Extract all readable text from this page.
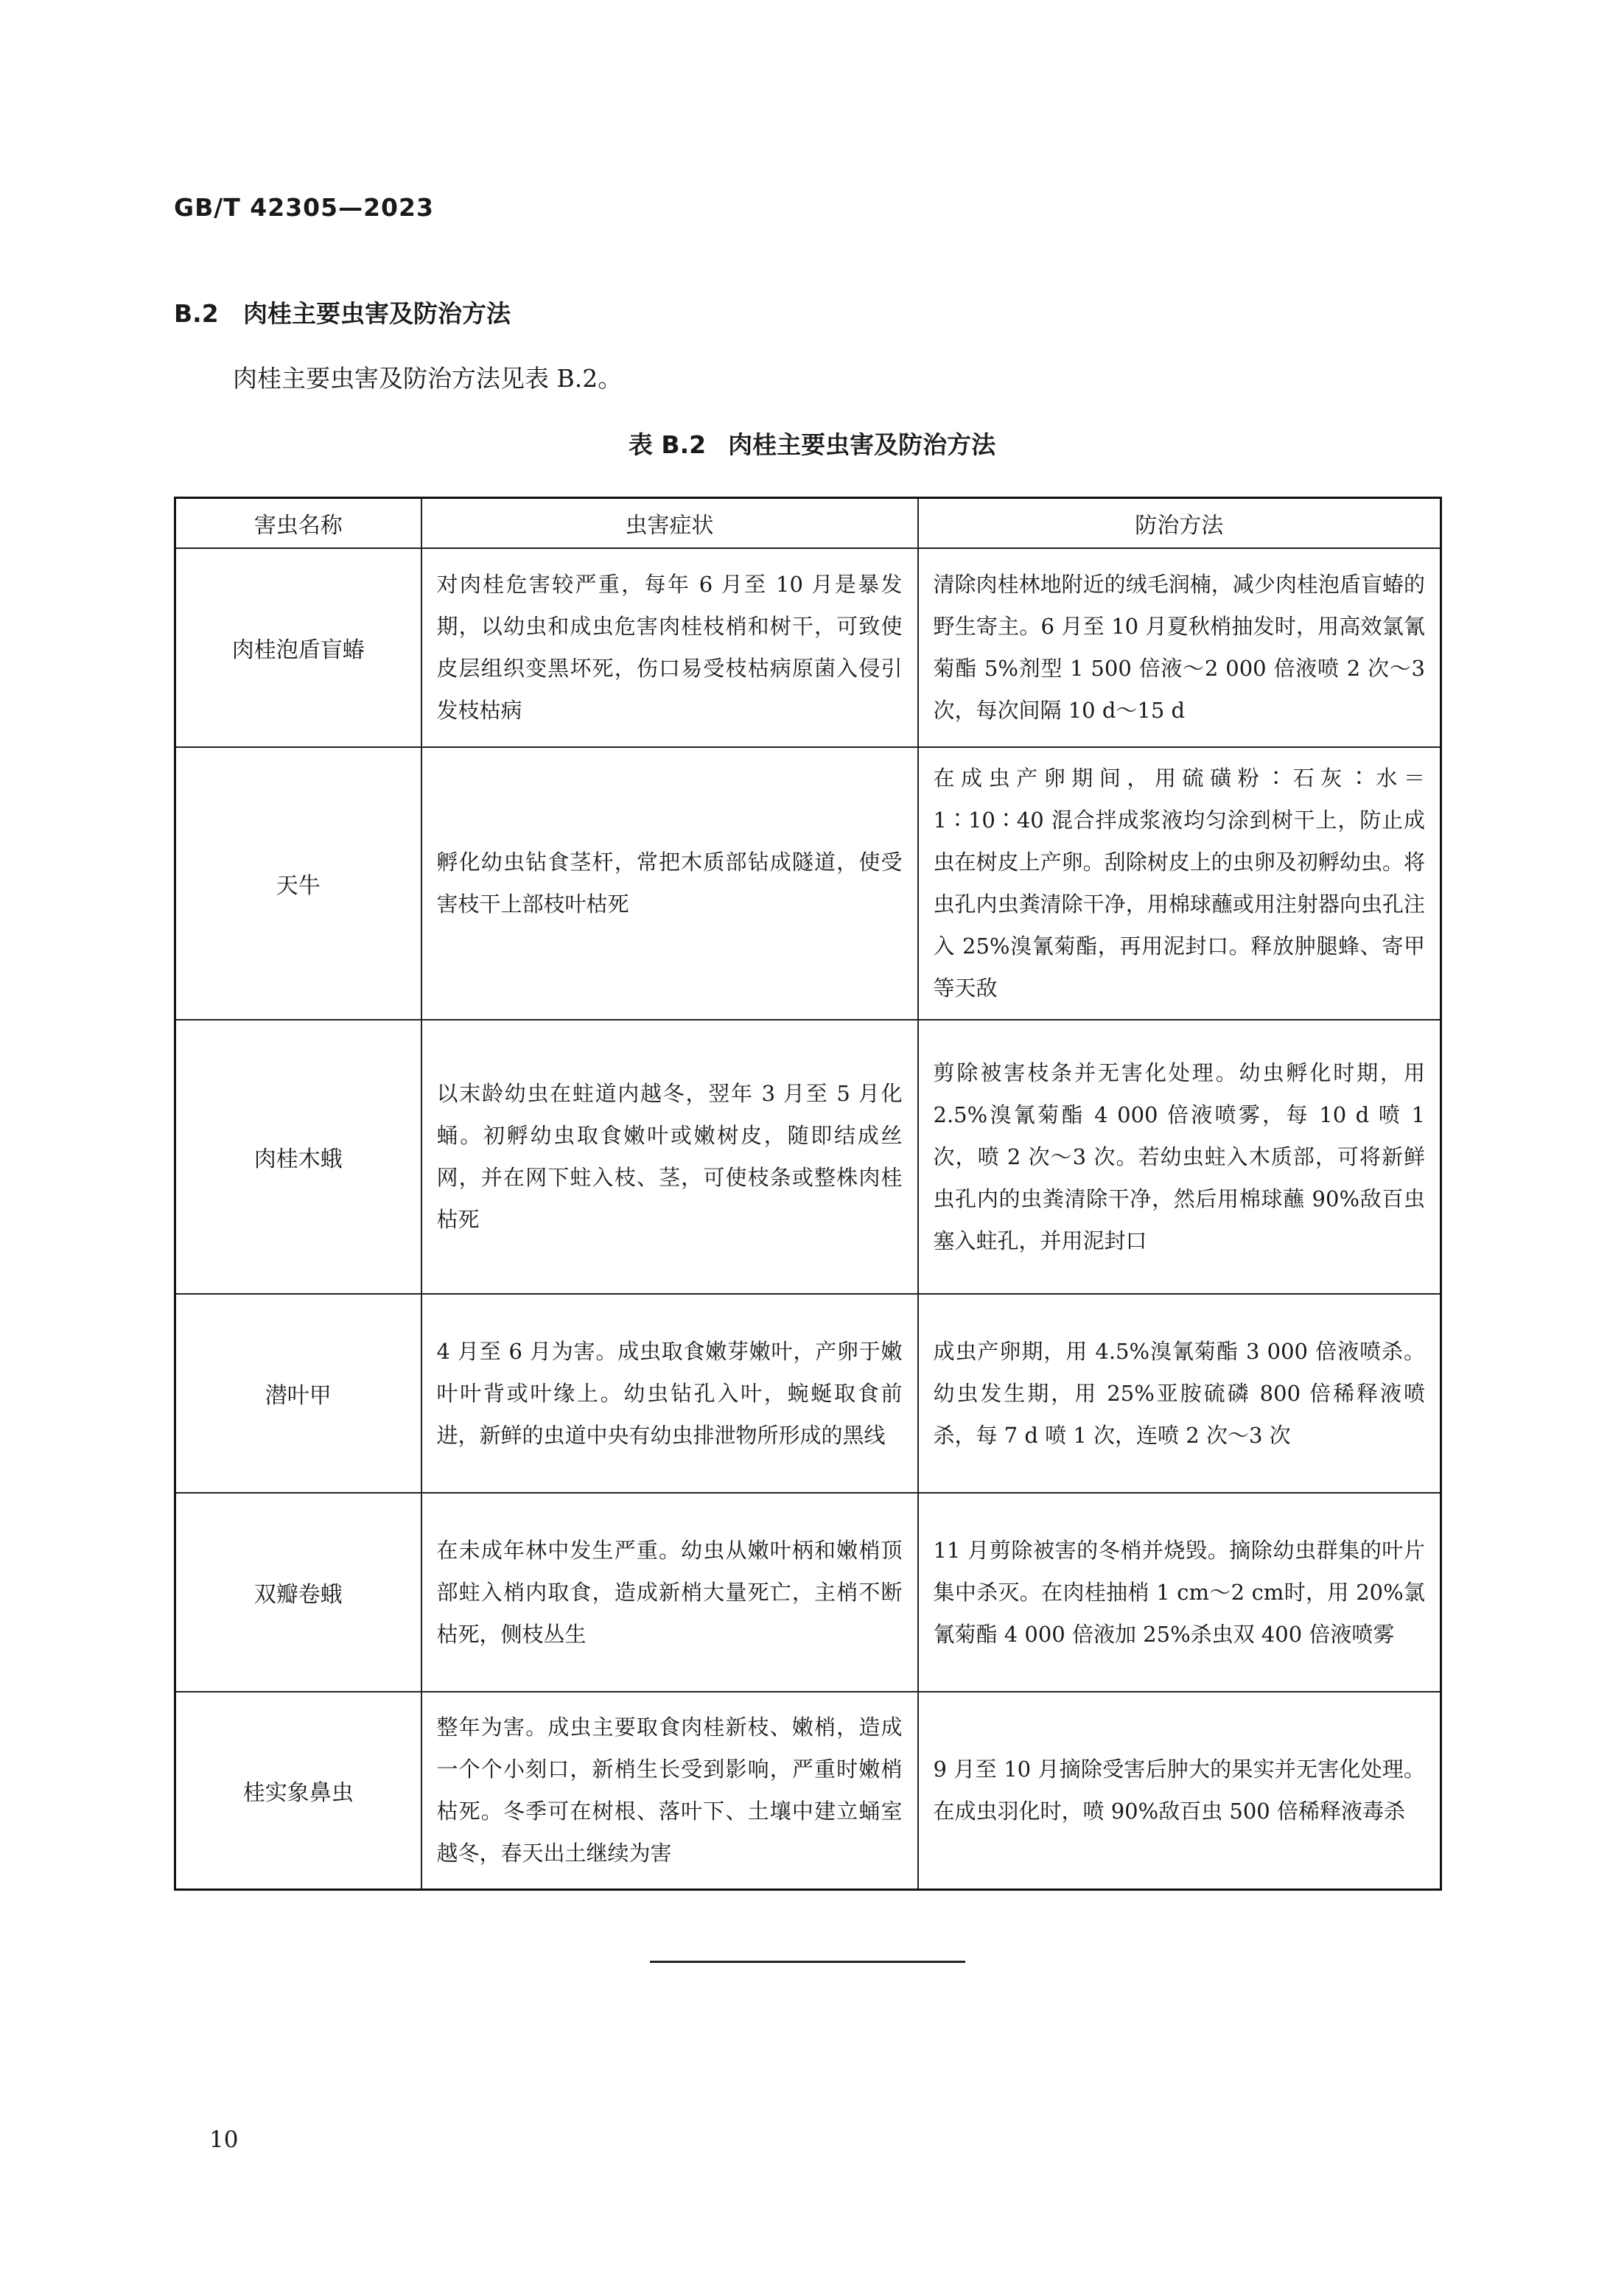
GB/T 42305—2023
B.2 肉桂主要虫害及防治方法
肉桂主要虫害及防治方法见表 B.2。
表 B.2 肉桂主要虫害及防治方法
害虫名称	虫害症状	防治方法
肉桂泡盾盲蝽	对肉桂危害较严重，每年 6 月至 10 月是暴发期，以幼虫和成虫危害肉桂枝梢和树干，可致使皮层组织变黑坏死，伤口易受枝枯病原菌入侵引发枝枯病	清除肉桂林地附近的绒毛润楠，减少肉桂泡盾盲蝽的野生寄主。6 月至 10 月夏秋梢抽发时，用高效氯氰菊酯 5%剂型 1 500 倍液～2 000 倍液喷 2 次～3 次，每次间隔 10 d～15 d
天牛	孵化幼虫钻食茎杆，常把木质部钻成隧道，使受害枝干上部枝叶枯死	在成虫产卵期间，用硫磺粉∶石灰∶水＝1∶10∶40 混合拌成浆液均匀涂到树干上，防止成虫在树皮上产卵。刮除树皮上的虫卵及初孵幼虫。将虫孔内虫粪清除干净，用棉球蘸或用注射器向虫孔注入 25%溴氰菊酯，再用泥封口。释放肿腿蜂、寄甲等天敌
肉桂木蛾	以末龄幼虫在蛀道内越冬，翌年 3 月至 5 月化蛹。初孵幼虫取食嫩叶或嫩树皮，随即结成丝网，并在网下蛀入枝、茎，可使枝条或整株肉桂枯死	剪除被害枝条并无害化处理。幼虫孵化时期，用 2.5%溴氰菊酯 4 000 倍液喷雾，每 10 d 喷 1 次，喷 2 次～3 次。若幼虫蛀入木质部，可将新鲜虫孔内的虫粪清除干净，然后用棉球蘸 90%敌百虫塞入蛀孔，并用泥封口
潜叶甲	4 月至 6 月为害。成虫取食嫩芽嫩叶，产卵于嫩叶叶背或叶缘上。幼虫钻孔入叶，蜿蜒取食前进，新鲜的虫道中央有幼虫排泄物所形成的黑线	成虫产卵期，用 4.5%溴氰菊酯 3 000 倍液喷杀。幼虫发生期，用 25%亚胺硫磷 800 倍稀释液喷杀，每 7 d 喷 1 次，连喷 2 次～3 次
双瓣卷蛾	在未成年林中发生严重。幼虫从嫩叶柄和嫩梢顶部蛀入梢内取食，造成新梢大量死亡，主梢不断枯死，侧枝丛生	11 月剪除被害的冬梢并烧毁。摘除幼虫群集的叶片集中杀灭。在肉桂抽梢 1 cm～2 cm时，用 20%氯氰菊酯 4 000 倍液加 25%杀虫双 400 倍液喷雾
桂实象鼻虫	整年为害。成虫主要取食肉桂新枝、嫩梢，造成一个个小刻口，新梢生长受到影响，严重时嫩梢枯死。冬季可在树根、落叶下、土壤中建立蛹室越冬，春天出土继续为害	9 月至 10 月摘除受害后肿大的果实并无害化处理。在成虫羽化时，喷 90%敌百虫 500 倍稀释液毒杀
10
